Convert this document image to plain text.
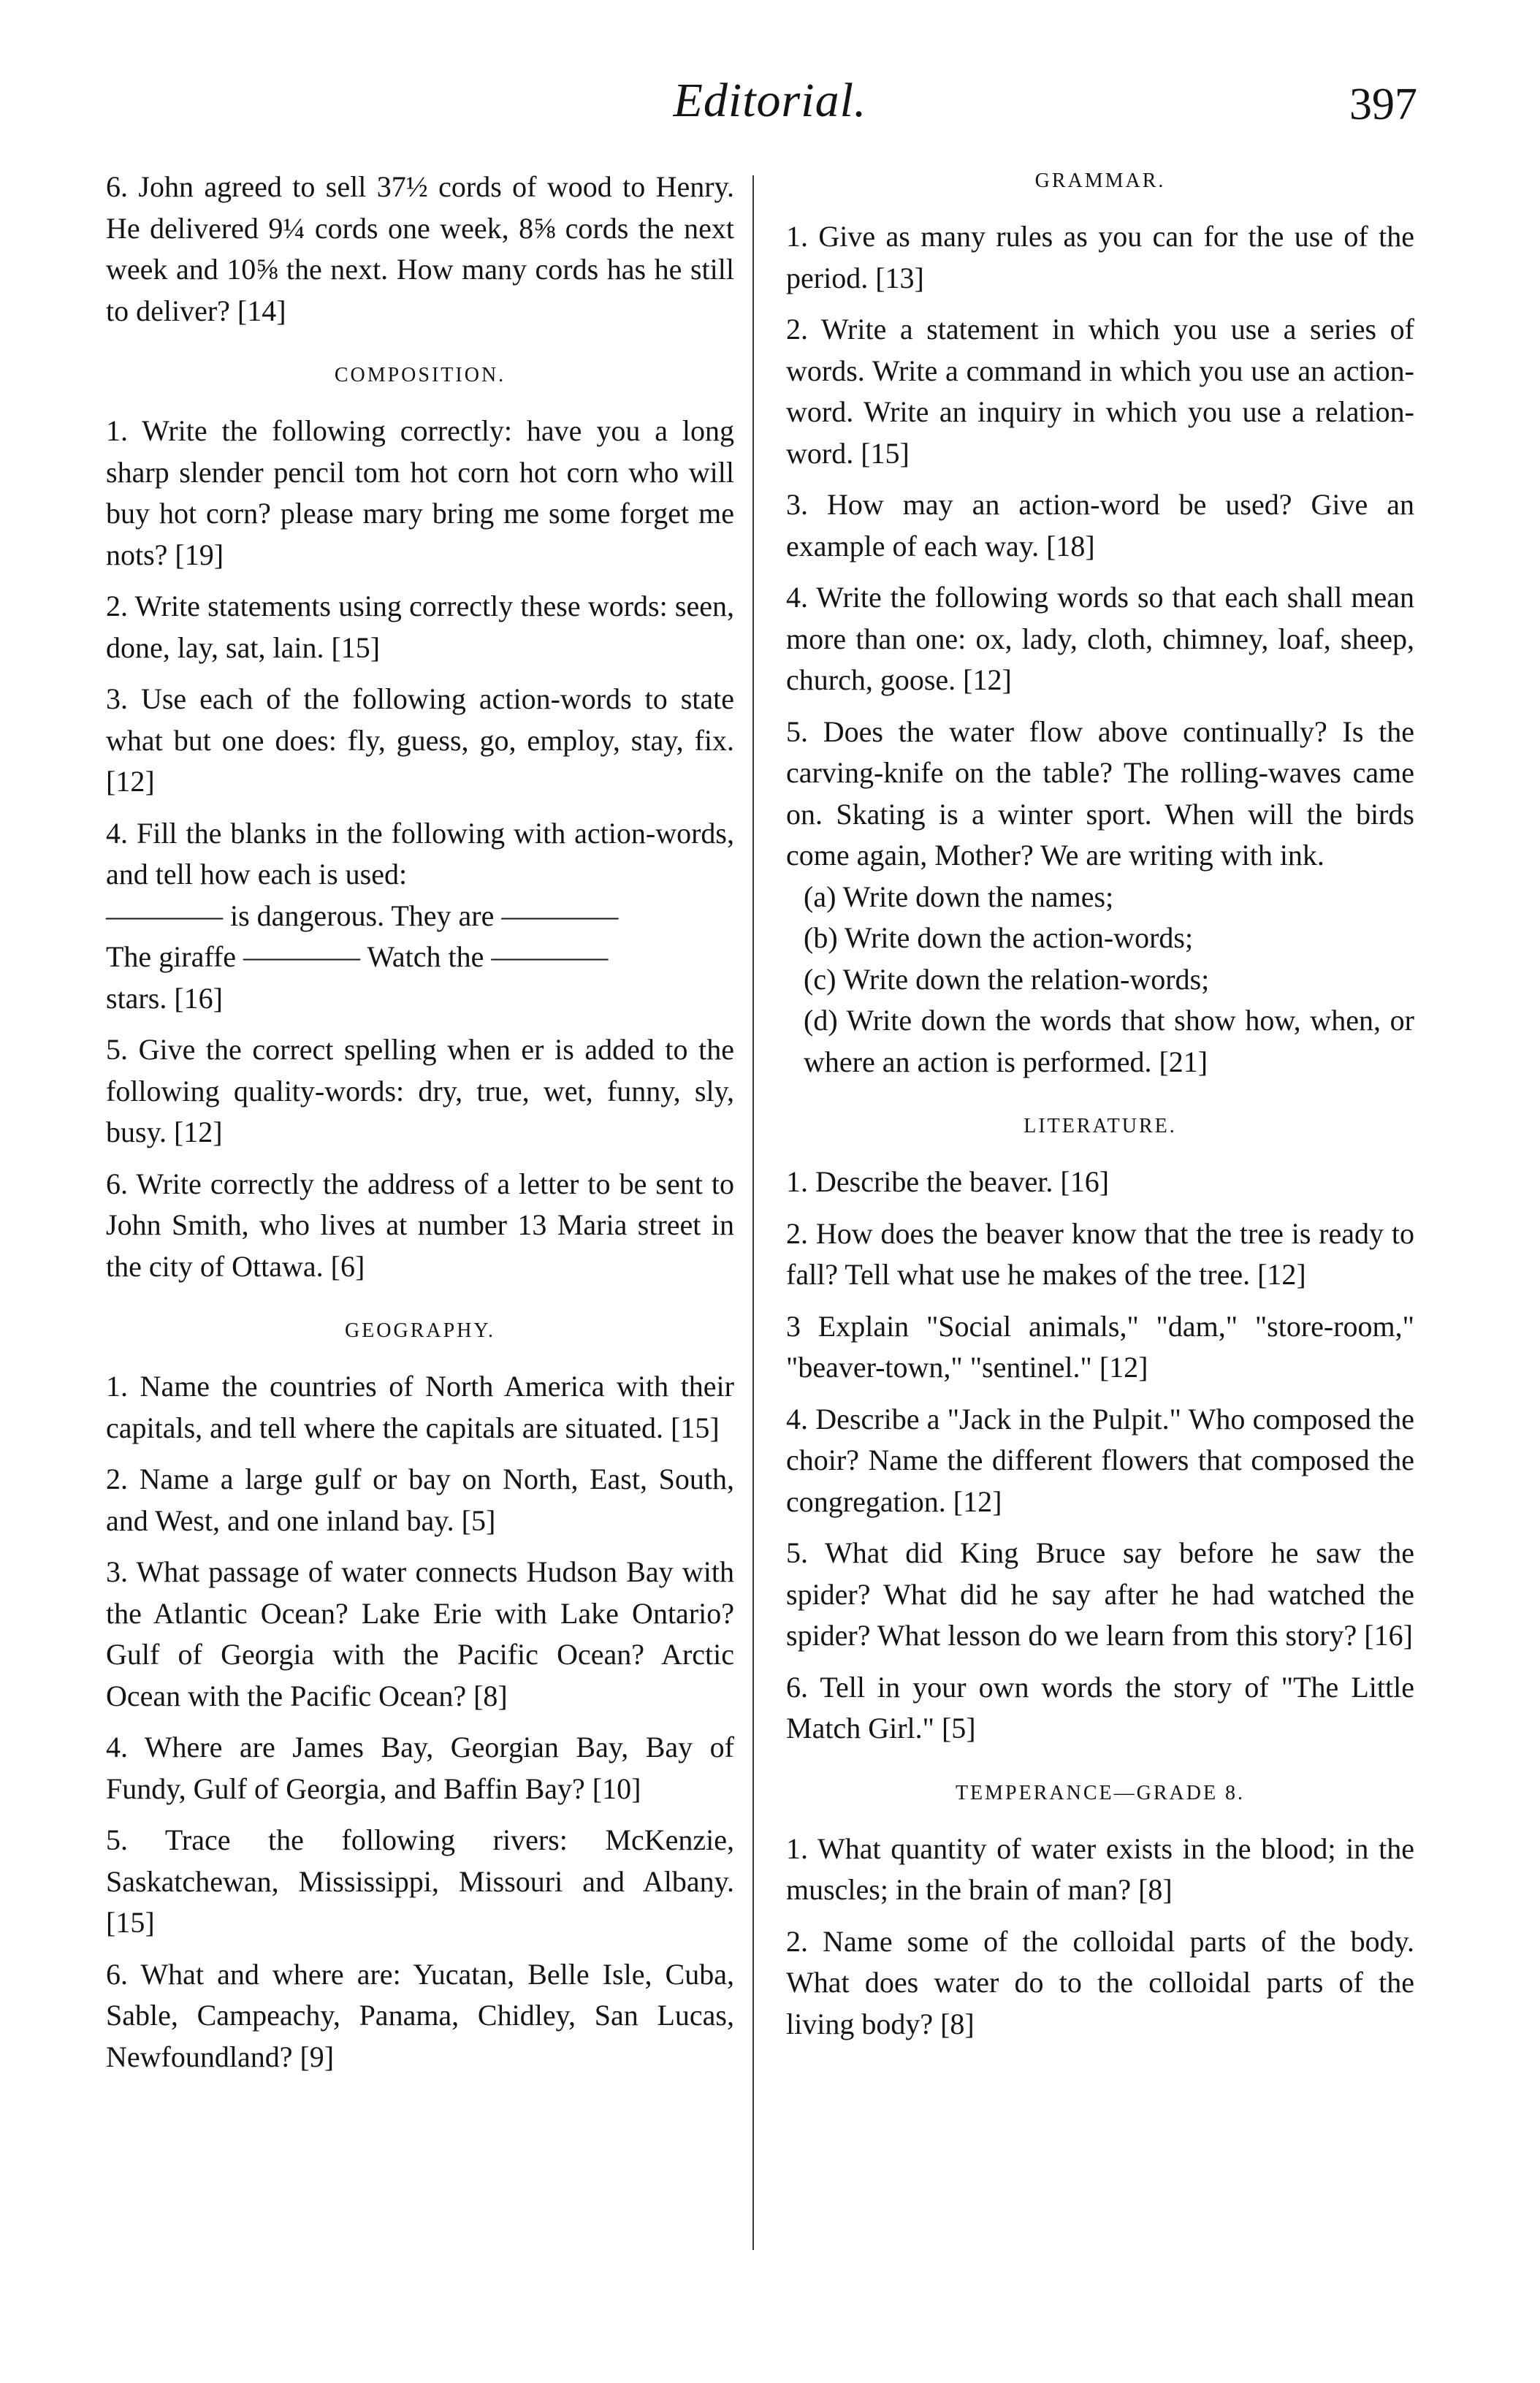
Editorial.	397

6. John agreed to sell 37½ cords of wood to Henry. He delivered 9¼ cords one week, 8⅝ cords the next week and 10⅝ the next. How many cords has he still to deliver? [14]

COMPOSITION.

1. Write the following correctly: have you a long sharp slender pencil tom hot corn hot corn who will buy hot corn? please mary bring me some forget me nots? [19]

2. Write statements using correctly these words: seen, done, lay, sat, lain. [15]

3. Use each of the following action-words to state what but one does: fly, guess, go, employ, stay, fix. [12]

4. Fill the blanks in the following with action-words, and tell how each is used:

———— is dangerous. They are ————

The giraffe ———— Watch the ————

stars. [16]

5. Give the correct spelling when er is added to the following quality-words: dry, true, wet, funny, sly, busy. [12]

6. Write correctly the address of a letter to be sent to John Smith, who lives at number 13 Maria street in the city of Ottawa. [6]

GEOGRAPHY.

1. Name the countries of North America with their capitals, and tell where the capitals are situated. [15]

2. Name a large gulf or bay on North, East, South, and West, and one inland bay. [5]

3. What passage of water connects Hudson Bay with the Atlantic Ocean? Lake Erie with Lake Ontario? Gulf of Georgia with the Pacific Ocean? Arctic Ocean with the Pacific Ocean? [8]

4. Where are James Bay, Georgian Bay, Bay of Fundy, Gulf of Georgia, and Baffin Bay? [10]

5. Trace the following rivers: McKenzie, Saskatchewan, Mississippi, Missouri and Albany. [15]

6. What and where are: Yucatan, Belle Isle, Cuba, Sable, Campeachy, Panama, Chidley, San Lucas, Newfoundland? [9]

GRAMMAR.

1. Give as many rules as you can for the use of the period. [13]

2. Write a statement in which you use a series of words. Write a command in which you use an action-word. Write an inquiry in which you use a relation-word. [15]

3. How may an action-word be used? Give an example of each way. [18]

4. Write the following words so that each shall mean more than one: ox, lady, cloth, chimney, loaf, sheep, church, goose. [12]

5. Does the water flow above continually? Is the carving-knife on the table? The rolling-waves came on. Skating is a winter sport. When will the birds come again, Mother? We are writing with ink.

(a) Write down the names;

(b) Write down the action-words;

(c) Write down the relation-words;

(d) Write down the words that show how, when, or where an action is performed. [21]

LITERATURE.

1. Describe the beaver. [16]

2. How does the beaver know that the tree is ready to fall? Tell what use he makes of the tree. [12]

3 Explain "Social animals," "dam," "store-room," "beaver-town," "sentinel." [12]

4. Describe a "Jack in the Pulpit." Who composed the choir? Name the different flowers that composed the congregation. [12]

5. What did King Bruce say before he saw the spider? What did he say after he had watched the spider? What lesson do we learn from this story? [16]

6. Tell in your own words the story of "The Little Match Girl." [5]

TEMPERANCE—GRADE 8.

1. What quantity of water exists in the blood; in the muscles; in the brain of man? [8]

2. Name some of the colloidal parts of the body. What does water do to the colloidal parts of the living body? [8]
